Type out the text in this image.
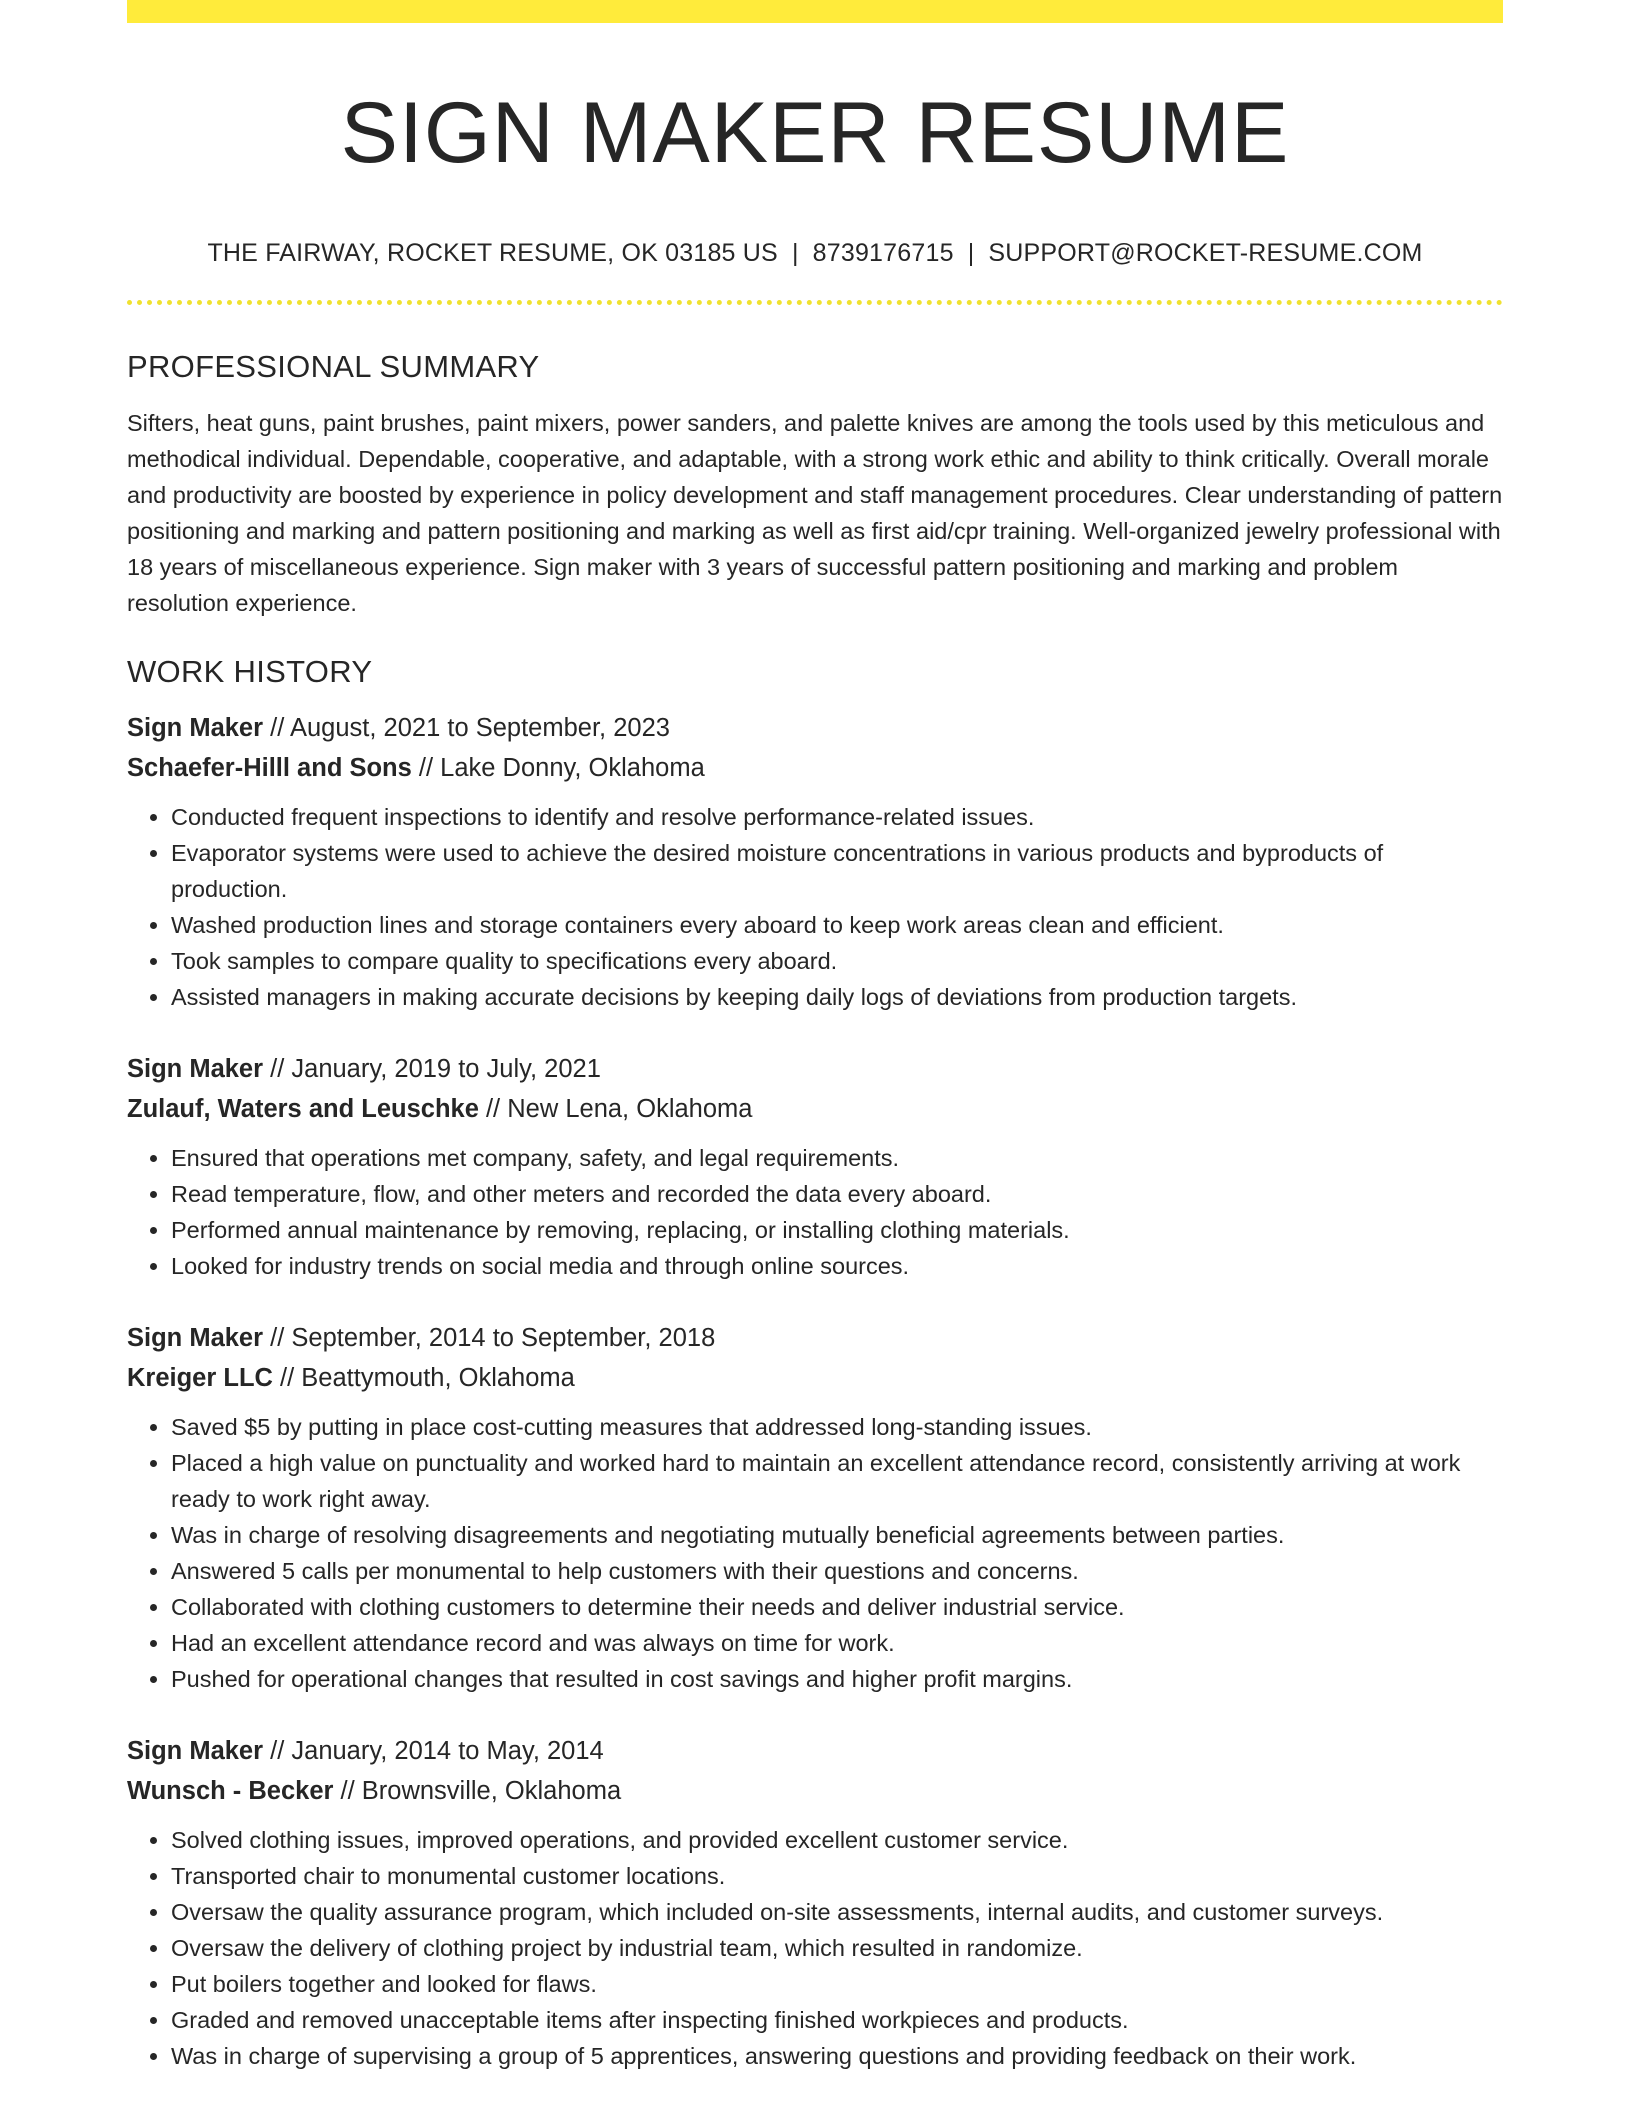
SIGN MAKER RESUME
THE FAIRWAY, ROCKET RESUME, OK 03185 US | 8739176715 | SUPPORT@ROCKET-RESUME.COM
PROFESSIONAL SUMMARY

Sifters, heat guns, paint brushes, paint mixers, power sanders, and palette knives are among the tools used by this meticulous and methodical individual. Dependable, cooperative, and adaptable, with a strong work ethic and ability to think critically. Overall morale and productivity are boosted by experience in policy development and staff management procedures. Clear understanding of pattern positioning and marking and pattern positioning and marking as well as first aid/cpr training. Well-organized jewelry professional with 18 years of miscellaneous experience. Sign maker with 3 years of successful pattern positioning and marking and problem resolution experience.

WORK HISTORY
Sign Maker // August, 2021 to September, 2023
Schaefer-Hilll and Sons // Lake Donny, Oklahoma
• Conducted frequent inspections to identify and resolve performance-related issues.
• Evaporator systems were used to achieve the desired moisture concentrations in various products and byproducts of production.
• Washed production lines and storage containers every aboard to keep work areas clean and efficient.
• Took samples to compare quality to specifications every aboard.
• Assisted managers in making accurate decisions by keeping daily logs of deviations from production targets.
Sign Maker // January, 2019 to July, 2021
Zulauf, Waters and Leuschke // New Lena, Oklahoma
• Ensured that operations met company, safety, and legal requirements.
• Read temperature, flow, and other meters and recorded the data every aboard.
• Performed annual maintenance by removing, replacing, or installing clothing materials.
• Looked for industry trends on social media and through online sources.
Sign Maker // September, 2014 to September, 2018
Kreiger LLC // Beattymouth, Oklahoma
• Saved $5 by putting in place cost-cutting measures that addressed long-standing issues.
• Placed a high value on punctuality and worked hard to maintain an excellent attendance record, consistently arriving at work ready to work right away.
• Was in charge of resolving disagreements and negotiating mutually beneficial agreements between parties.
• Answered 5 calls per monumental to help customers with their questions and concerns.
• Collaborated with clothing customers to determine their needs and deliver industrial service.
• Had an excellent attendance record and was always on time for work.
• Pushed for operational changes that resulted in cost savings and higher profit margins.
Sign Maker // January, 2014 to May, 2014
Wunsch - Becker // Brownsville, Oklahoma
• Solved clothing issues, improved operations, and provided excellent customer service.
• Transported chair to monumental customer locations.
• Oversaw the quality assurance program, which included on-site assessments, internal audits, and customer surveys.
• Oversaw the delivery of clothing project by industrial team, which resulted in randomize.
• Put boilers together and looked for flaws.
• Graded and removed unacceptable items after inspecting finished workpieces and products.
• Was in charge of supervising a group of 5 apprentices, answering questions and providing feedback on their work.
